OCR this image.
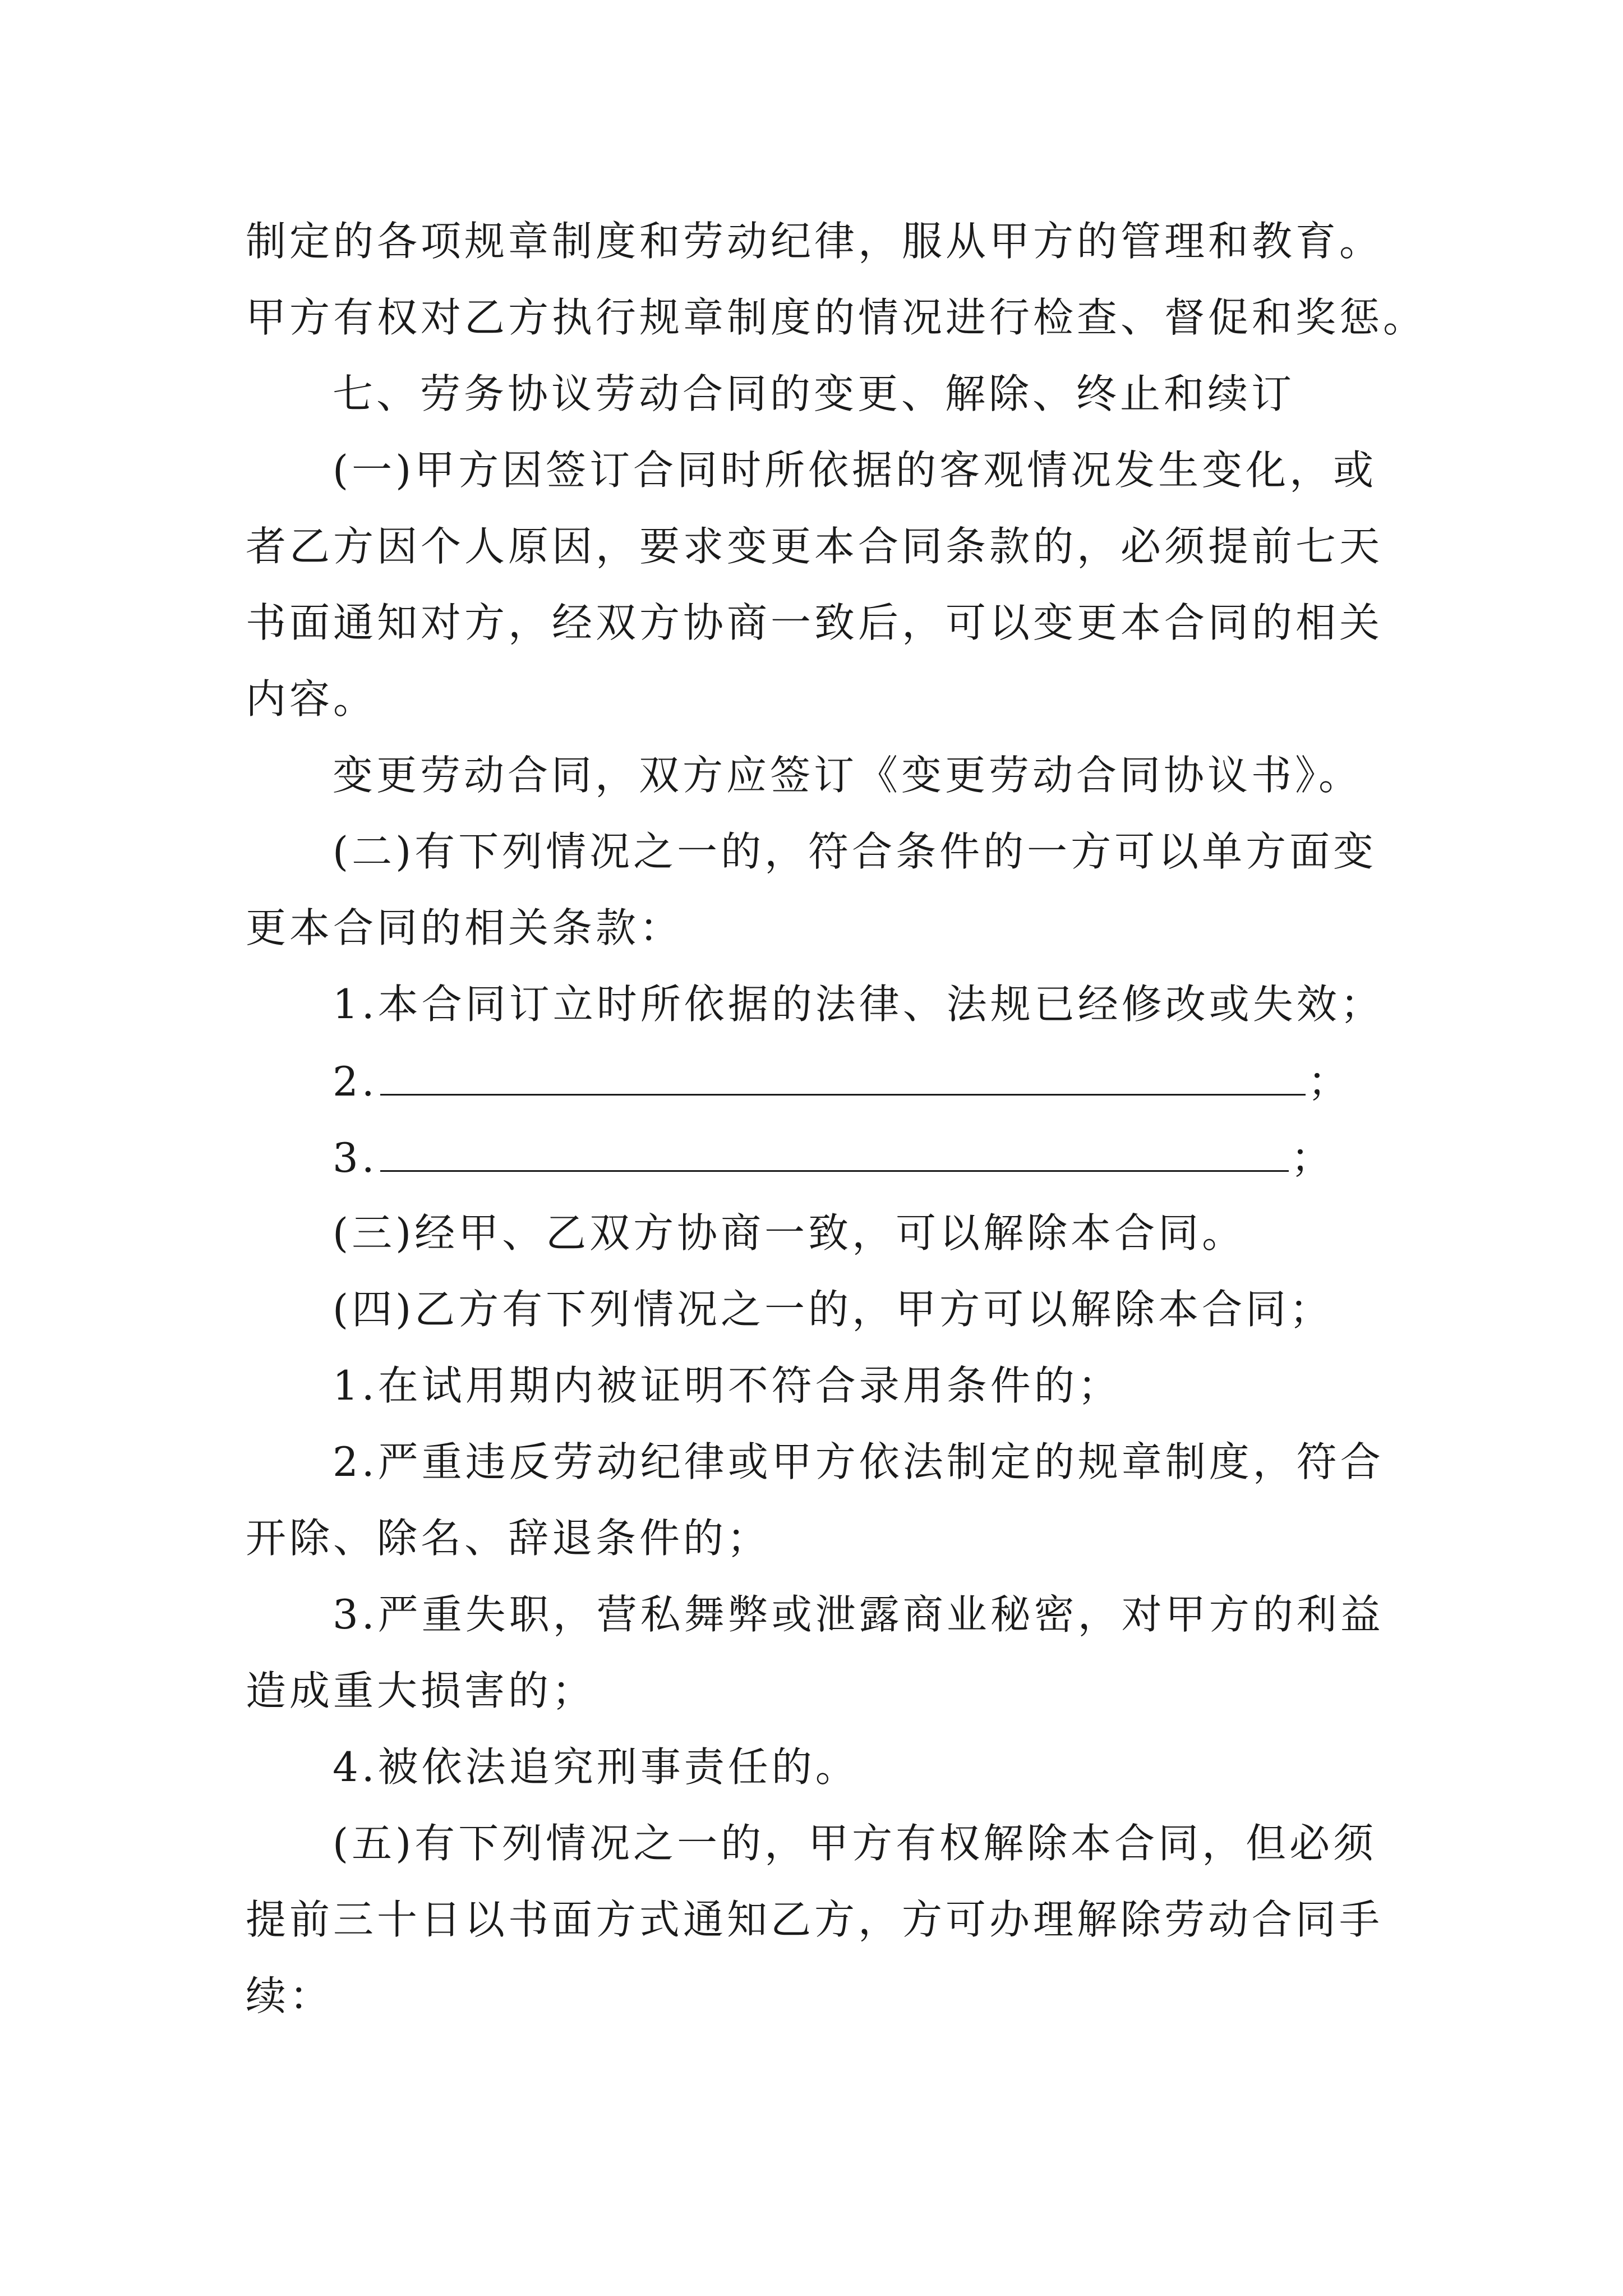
制定的各项规章制度和劳动纪律，服从甲方的管理和教育。
甲方有权对乙方执行规章制度的情况进行检查、督促和奖惩。
七、劳务协议劳动合同的变更、解除、终止和续订
(一)甲方因签订合同时所依据的客观情况发生变化，或
者乙方因个人原因，要求变更本合同条款的，必须提前七天
书面通知对方，经双方协商一致后，可以变更本合同的相关
内容。
变更劳动合同，双方应签订《变更劳动合同协议书》。
(二)有下列情况之一的，符合条件的一方可以单方面变
更本合同的相关条款：
1.本合同订立时所依据的法律、法规已经修改或失效；
2.	；
3.	；
(三)经甲、乙双方协商一致，可以解除本合同。
(四)乙方有下列情况之一的，甲方可以解除本合同；
1.在试用期内被证明不符合录用条件的；
2.严重违反劳动纪律或甲方依法制定的规章制度，符合
开除、除名、辞退条件的；
3.严重失职，营私舞弊或泄露商业秘密，对甲方的利益
造成重大损害的；
4.被依法追究刑事责任的。
(五)有下列情况之一的，甲方有权解除本合同，但必须
提前三十日以书面方式通知乙方，方可办理解除劳动合同手
续：
